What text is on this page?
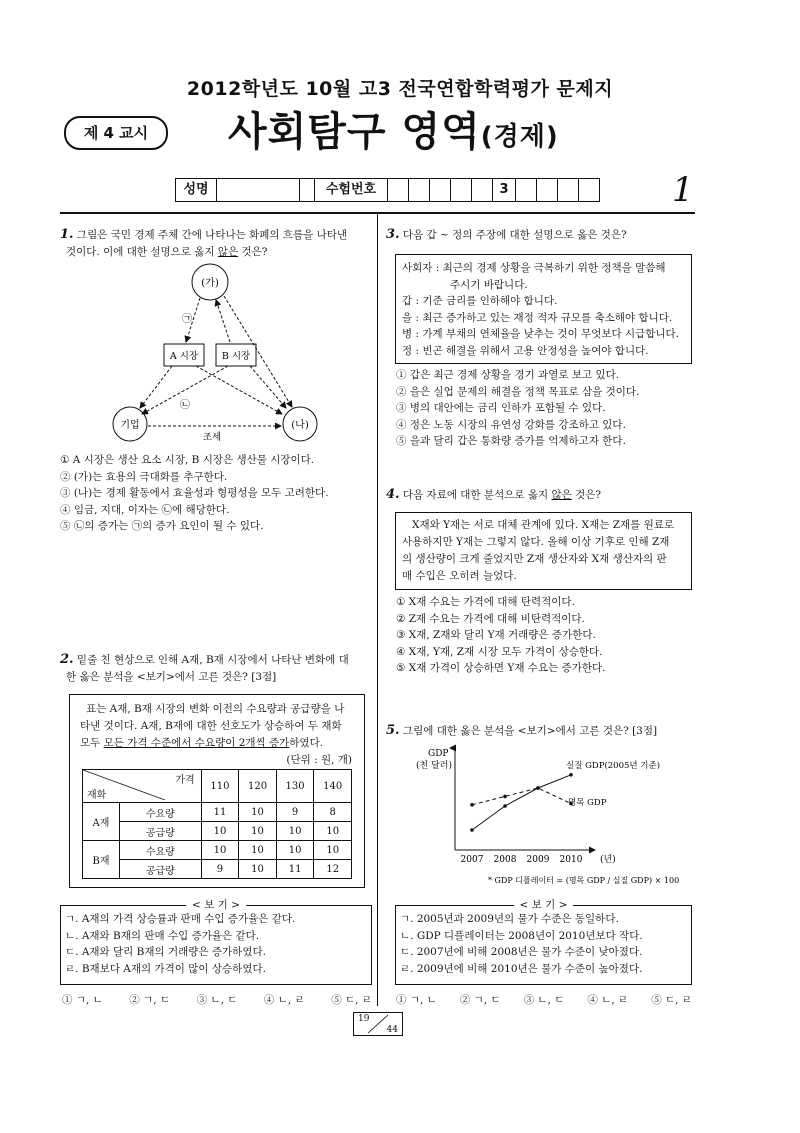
2012학년도 10월 고3 전국연합학력평가 문제지
제 4 교시	사회탐구 영역(경제)
성명	수험번호	3	1
1. 그림은 국민 경제 주체 간에 나타나는 화폐의 흐름을 나타낸
것이다. 이에 대한 설명으로 옳지 않은 것은?
(가)
A 시장 B 시장
기업	(나)
㉠
㉡
조세
① A 시장은 생산 요소 시장, B 시장은 생산물 시장이다.
② (가)는 효용의 극대화를 추구한다.
③ (나)는 경제 활동에서 효율성과 형평성을 모두 고려한다.
④ 임금, 지대, 이자는 ㉡에 해당한다.
⑤ ㉡의 증가는 ㉠의 증가 요인이 될 수 있다.
2. 밑줄 친 현상으로 인해 A재, B재 시장에서 나타난 변화에 대
한 옳은 분석을 <보기>에서 고른 것은? [3점]
표는 A재, B재 시장의 변화 이전의 수요량과 공급량을 나
타낸 것이다. A재, B재에 대한 선호도가 상승하여 두 재화
모두 모든 가격 수준에서 수요량이 2개씩 증가하였다.
(단위 : 원, 개)
가격
재화		110	120	130	140
A재	수요량	11	10	9	8
	공급량	10	10	10	10
B재	수요량	10	10	10	10
	공급량	9	10	11	12
< 보 기 >
ㄱ. A재의 가격 상승률과 판매 수입 증가율은 같다.
ㄴ. A재와 B재의 판매 수입 증가율은 같다.
ㄷ. A재와 달리 B재의 거래량은 증가하였다.
ㄹ. B재보다 A재의 가격이 많이 상승하였다.
① ㄱ, ㄴ	② ㄱ, ㄷ	③ ㄴ, ㄷ	④ ㄴ, ㄹ	⑤ ㄷ, ㄹ
3. 다음 갑 ~ 정의 주장에 대한 설명으로 옳은 것은?
사회자 : 최근의 경제 상황을 극복하기 위한 정책을 말씀해
주시기 바랍니다.
갑 : 기준 금리를 인하해야 합니다.
을 : 최근 증가하고 있는 재정 적자 규모를 축소해야 합니다.
병 : 가계 부채의 연체율을 낮추는 것이 무엇보다 시급합니다.
정 : 빈곤 해결을 위해서 고용 안정성을 높여야 합니다.
① 갑은 최근 경제 상황을 경기 과열로 보고 있다.
② 을은 실업 문제의 해결을 정책 목표로 삼을 것이다.
③ 병의 대안에는 금리 인하가 포함될 수 있다.
④ 정은 노동 시장의 유연성 강화를 강조하고 있다.
⑤ 을과 달리 갑은 통화량 증가를 억제하고자 한다.
4. 다음 자료에 대한 분석으로 옳지 않은 것은?
X재와 Y재는 서로 대체 관계에 있다. X재는 Z재를 원료로
사용하지만 Y재는 그렇지 않다. 올해 이상 기후로 인해 Z재
의 생산량이 크게 줄었지만 Z재 생산자와 X재 생산자의 판
매 수입은 오히려 늘었다.
① X재 수요는 가격에 대해 탄력적이다.
② Z재 수요는 가격에 대해 비탄력적이다.
③ X재, Z재와 달리 Y재 거래량은 증가한다.
④ X재, Y재, Z재 시장 모두 가격이 상승한다.
⑤ X재 가격이 상승하면 Y재 수요는 증가한다.
5. 그림에 대한 옳은 분석을 <보기>에서 고른 것은? [3점]
GDP
(천 달러)
2007 2008 2009 2010 (년)
실질 GDP(2005년 기준)
명목 GDP
* GDP 디플레이터 = (명목 GDP / 실질 GDP) × 100
< 보 기 >
ㄱ. 2005년과 2009년의 물가 수준은 동일하다.
ㄴ. GDP 디플레이터는 2008년이 2010년보다 작다.
ㄷ. 2007년에 비해 2008년은 물가 수준이 낮아졌다.
ㄹ. 2009년에 비해 2010년은 물가 수준이 높아졌다.
① ㄱ, ㄴ ② ㄱ, ㄷ ③ ㄴ, ㄷ ④ ㄴ, ㄹ ⑤ ㄷ, ㄹ
19
44
